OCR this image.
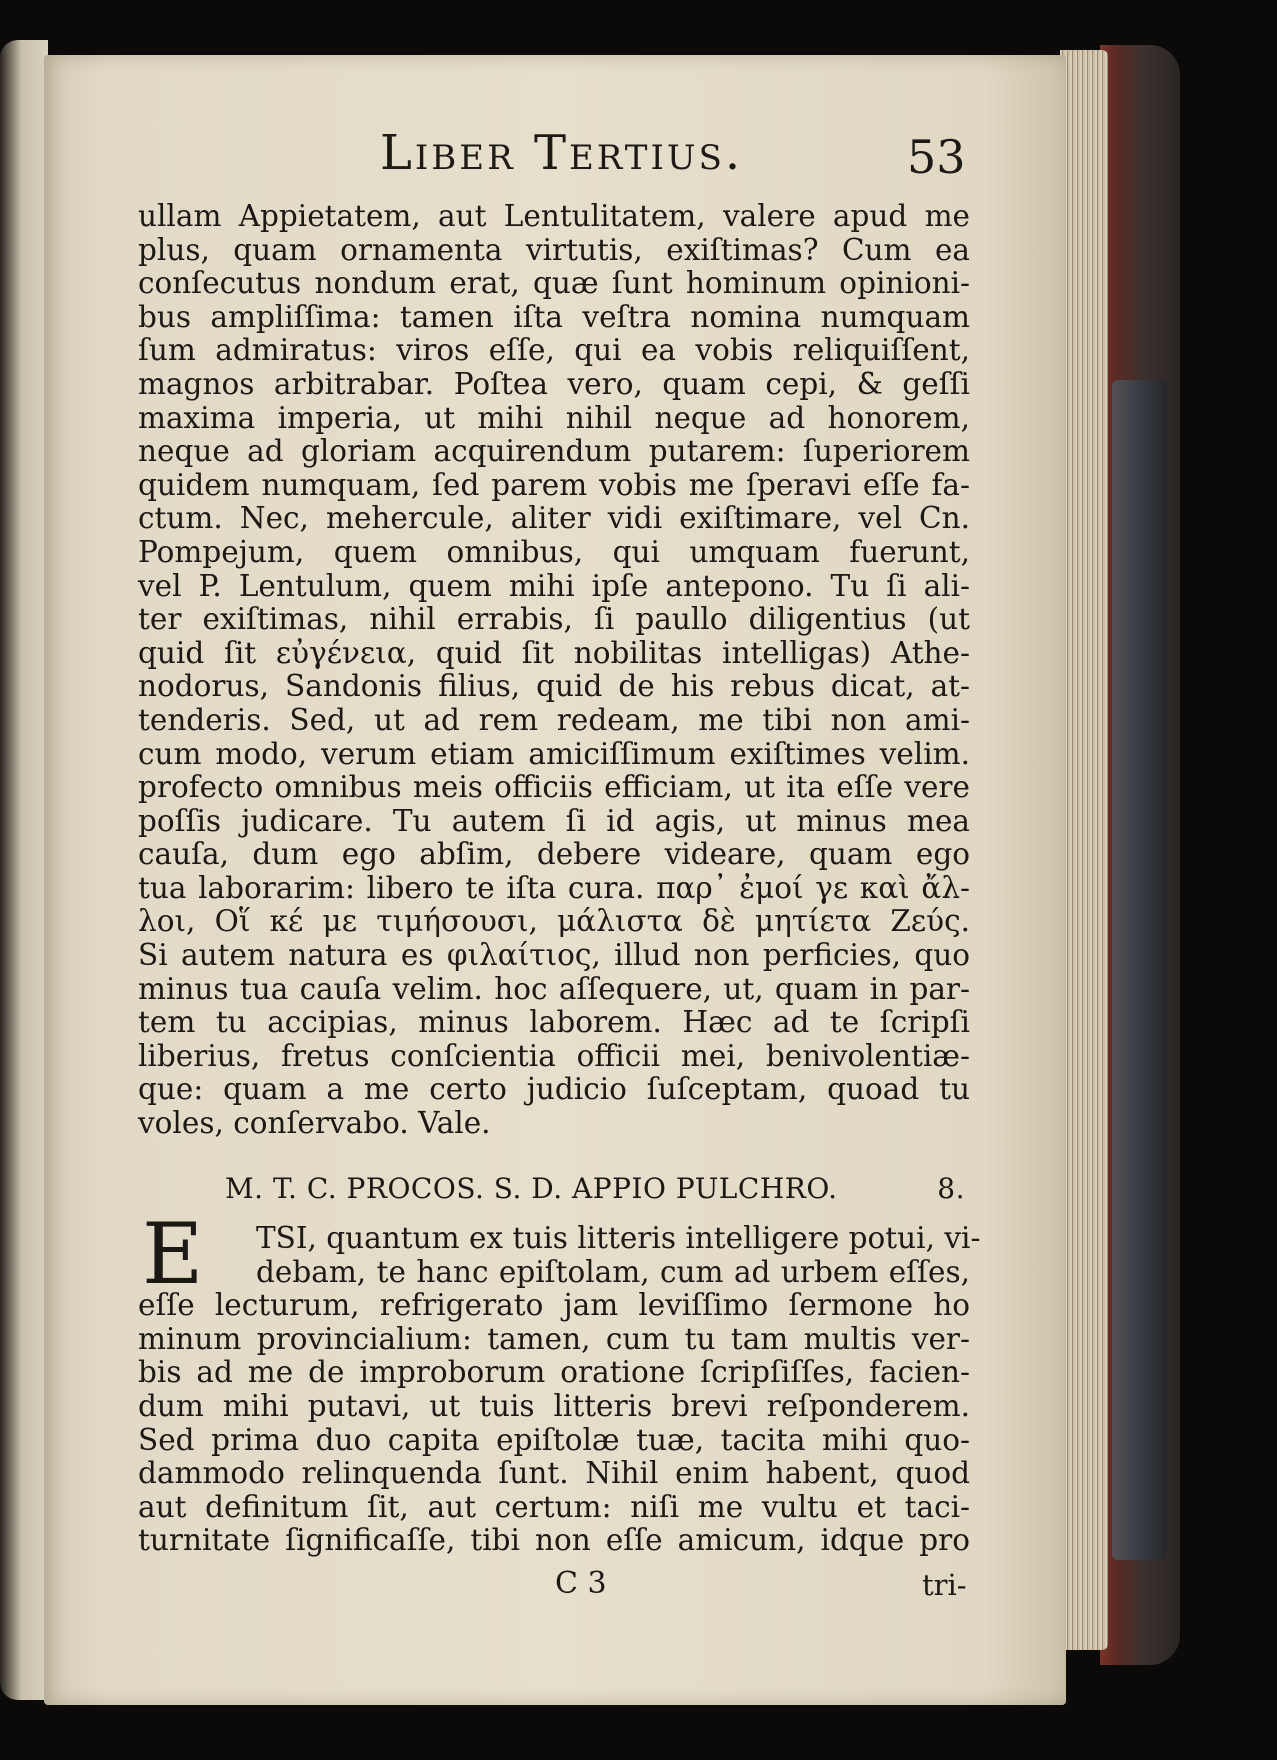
Liber Tertius.	53
ullam Appietatem, aut Lentulitatem, valere apud me
plus, quam ornamenta virtutis, exiſtimas? Cum ea
conſecutus nondum erat, quæ ſunt hominum opinioni-
bus ampliſſima: tamen iſta veſtra nomina numquam
ſum admiratus: viros eſſe, qui ea vobis reliquiſſent,
magnos arbitrabar. Poſtea vero, quam cepi, & geſſi
maxima imperia, ut mihi nihil neque ad honorem,
neque ad gloriam acquirendum putarem: ſuperiorem
quidem numquam, ſed parem vobis me ſperavi eſſe fa-
ctum. Nec, mehercule, aliter vidi exiſtimare, vel Cn.
Pompejum, quem omnibus, qui umquam fuerunt,
vel P. Lentulum, quem mihi ipſe antepono. Tu ſi ali-
ter exiſtimas, nihil errabis, ſi paullo diligentius (ut
quid ſit εὐγένεια, quid ſit nobilitas intelligas) Athe-
nodorus, Sandonis filius, quid de his rebus dicat, at-
tenderis. Sed, ut ad rem redeam, me tibi non ami-
cum modo, verum etiam amiciſſimum exiſtimes velim.
profecto omnibus meis officiis efficiam, ut ita eſſe vere
poſſis judicare. Tu autem ſi id agis, ut minus mea
cauſa, dum ego abſim, debere videare, quam ego
tua laborarim: libero te iſta cura. παρ᾽ ἐμοί γε καὶ ἄλ-
λοι, Οἵ κέ με τιμήσουσι, μάλιστα δὲ μητίετα Ζεύς.
Si autem natura es φιλαίτιος, illud non perficies, quo
minus tua cauſa velim. hoc aſſequere, ut, quam in par-
tem tu accipias, minus laborem. Hæc ad te ſcripſi
liberius, fretus conſcientia officii mei, benivolentiæ-
que: quam a me certo judicio ſuſceptam, quoad tu
voles, conſervabo. Vale.
M. T. C. PROCOS. S. D. APPIO PULCHRO.	8.
E	TSI, quantum ex tuis litteris intelligere potui, vi-
debam, te hanc epiſtolam, cum ad urbem eſſes,
eſſe lecturum, refrigerato jam leviſſimo ſermone ho
minum provincialium: tamen, cum tu tam multis ver-
bis ad me de improborum oratione ſcripſiſſes, facien-
dum mihi putavi, ut tuis litteris brevi reſponderem.
Sed prima duo capita epiſtolæ tuæ, tacita mihi quo-
dammodo relinquenda ſunt. Nihil enim habent, quod
aut definitum ſit, aut certum: niſi me vultu et taci-
turnitate ſignificaſſe, tibi non eſſe amicum, idque pro
C 3	tri-
